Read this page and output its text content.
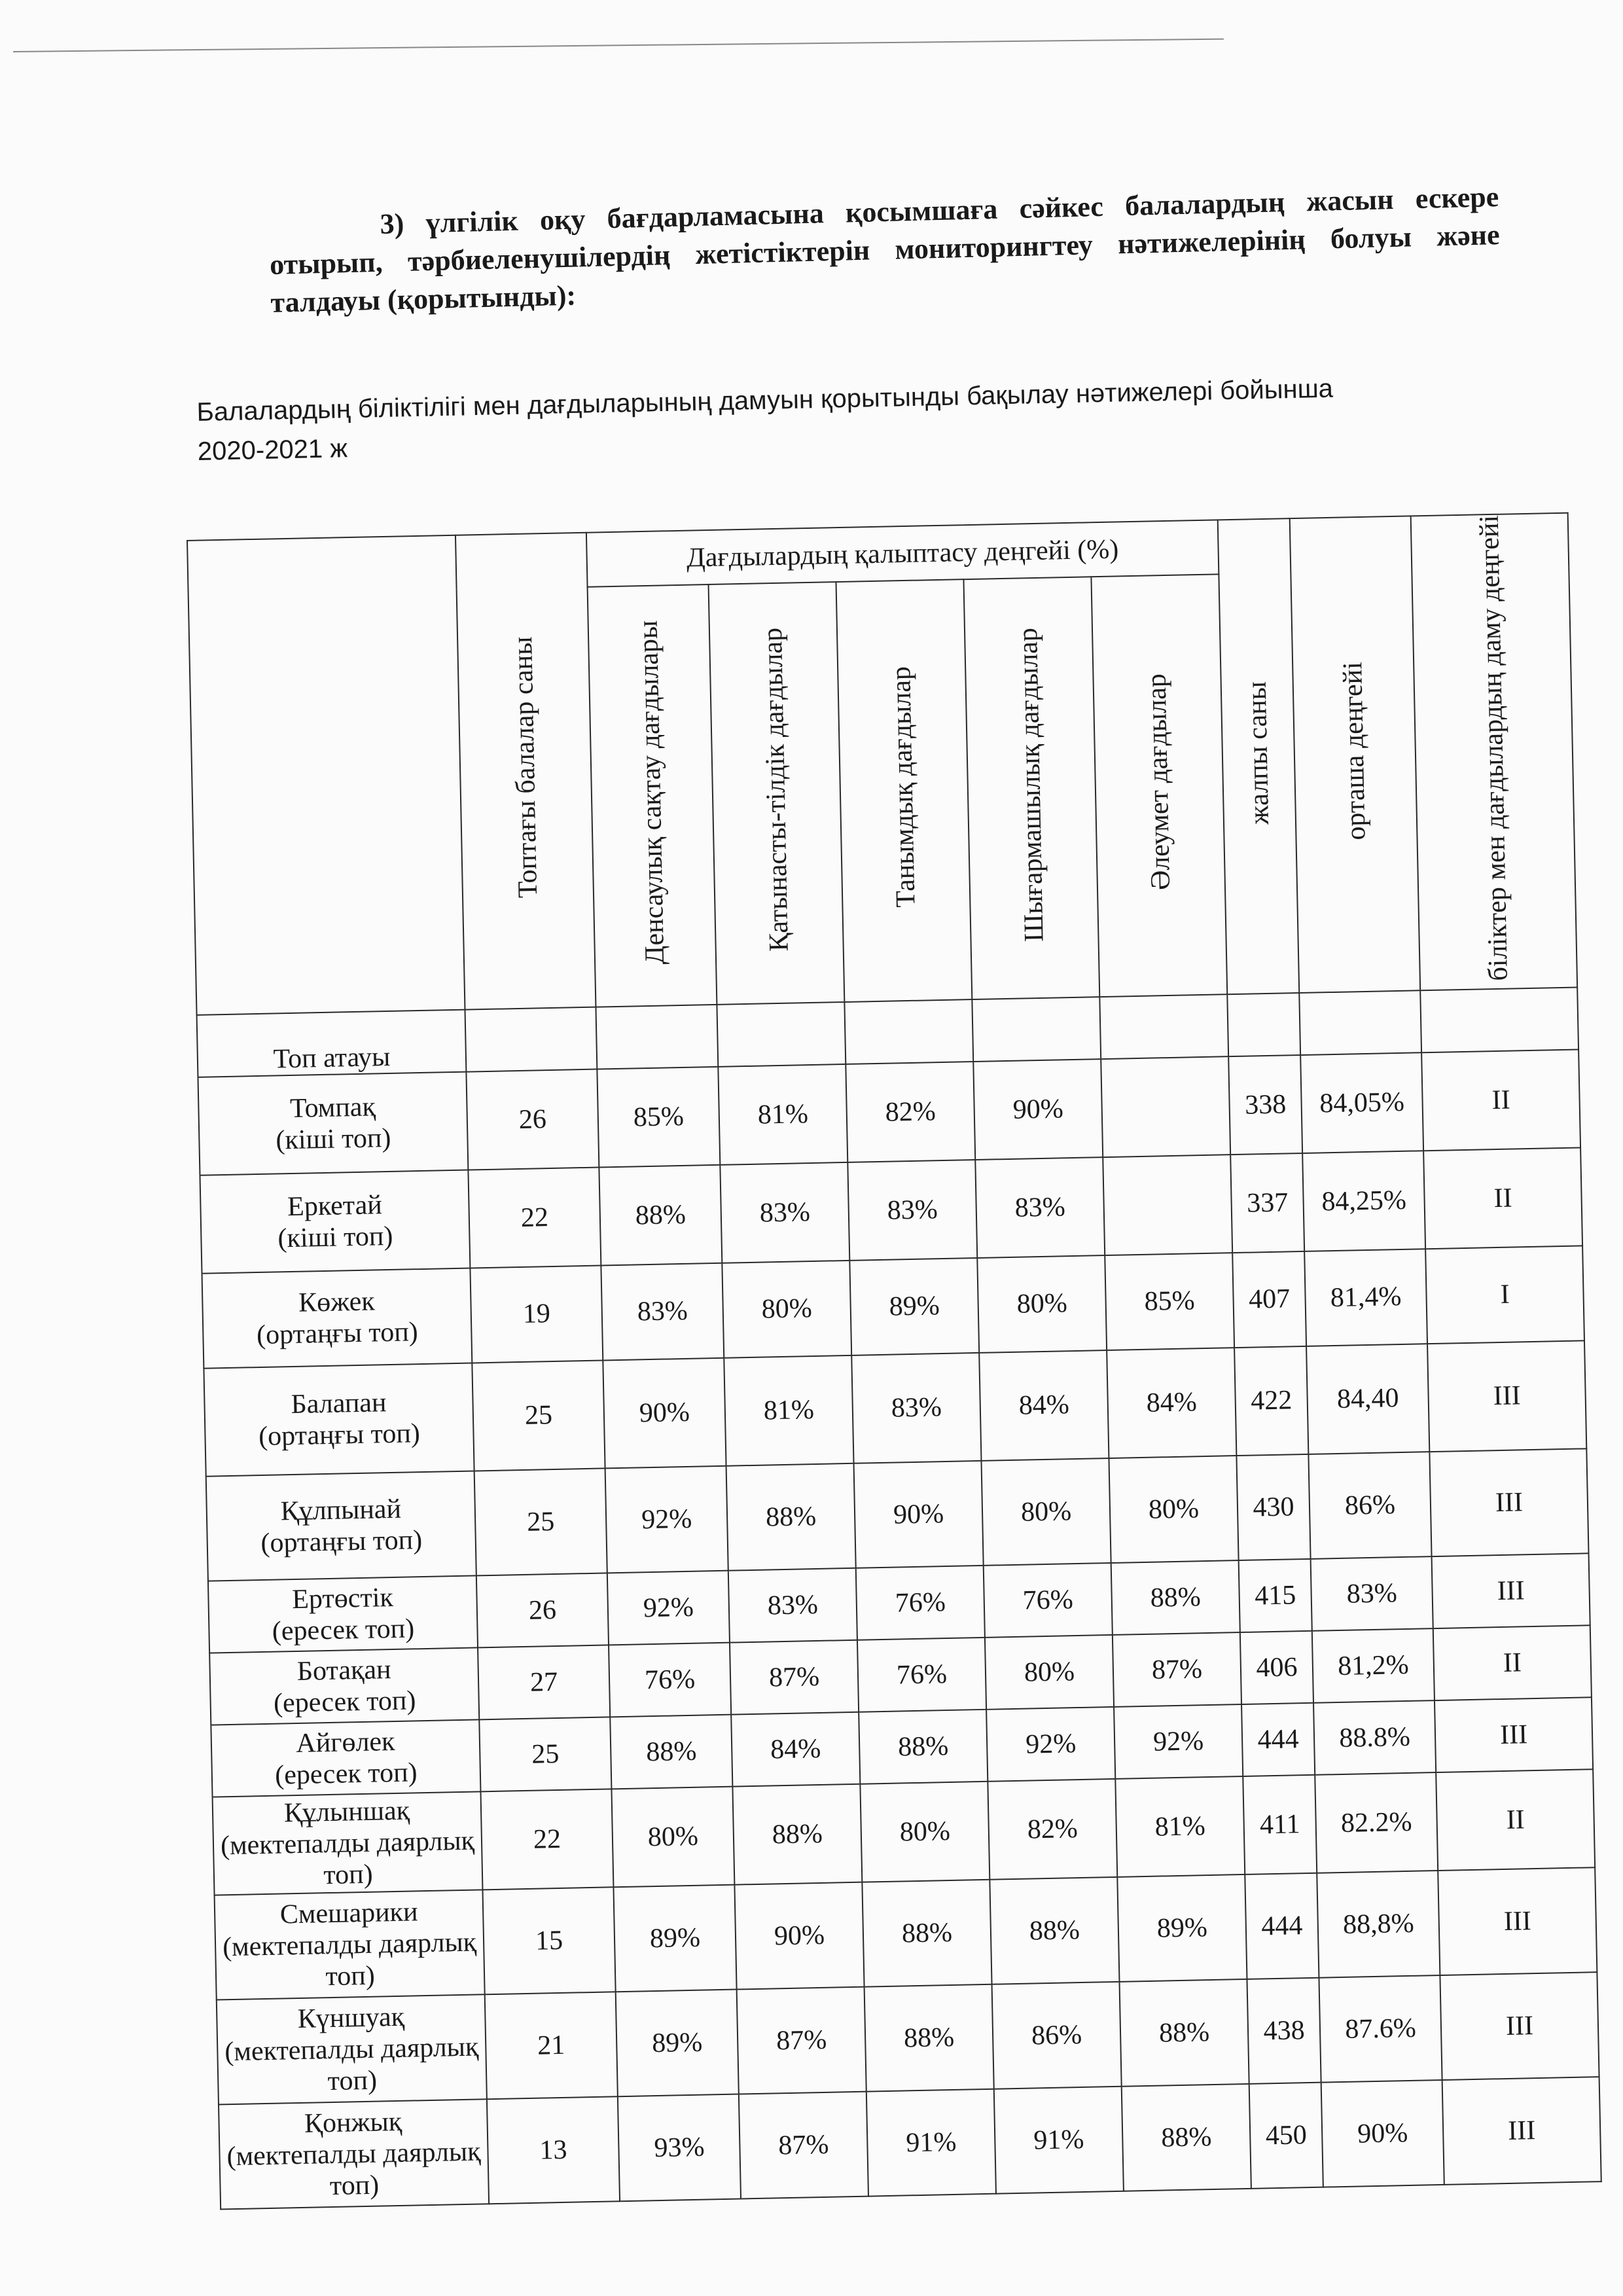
3) үлгілік оқу бағдарламасына қосымшаға сәйкес балалардың жасын ескере отырып, тәрбиеленушілердің жетістіктерін мониторингтеу нәтижелерінің болуы және талдауы (қорытынды):
Балалардың біліктілігі мен дағдыларының дамуын қорытынды бақылау нәтижелері бойынша
2020-2021 ж
	Топтағы балалар саны	Дағдылардың қалыптасу деңгейі (%)					жалпы саны	орташа деңгейі	біліктер мен дағдылардың даму деңгейі
		Денсаулық сақтау дағдылары	Қатынасты-тілдік дағдылар	Танымдық дағдылар	Шығармашылық дағдылар	Әлеумет дағдылар			
Топ атауы									

Томпақ
(кіші топ)	26	85%	81%	82%	90%		338	84,05%	II

Еркетай
(кіші топ)	22	88%	83%	83%	83%		337	84,25%	II

Көжек
(ортаңғы топ)	19	83%	80%	89%	80%	85%	407	81,4%	I

Балапан
(ортаңғы топ)	25	90%	81%	83%	84%	84%	422	84,40	III

Құлпынай
(ортаңғы топ)	25	92%	88%	90%	80%	80%	430	86%	III

Ертөстік
(ересек топ)	26	92%	83%	76%	76%	88%	415	83%	III

Ботақан
(ересек топ)	27	76%	87%	76%	80%	87%	406	81,2%	II

Айгөлек
(ересек топ)	25	88%	84%	88%	92%	92%	444	88.8%	III

Құлыншақ
(мектепалды даярлық топ)	22	80%	88%	80%	82%	81%	411	82.2%	II

Смешарики
(мектепалды даярлық топ)	15	89%	90%	88%	88%	89%	444	88,8%	III

Күншуақ
(мектепалды даярлық топ)	21	89%	87%	88%	86%	88%	438	87.6%	III

Қонжық
(мектепалды даярлық топ)	13	93%	87%	91%	91%	88%	450	90%	III
